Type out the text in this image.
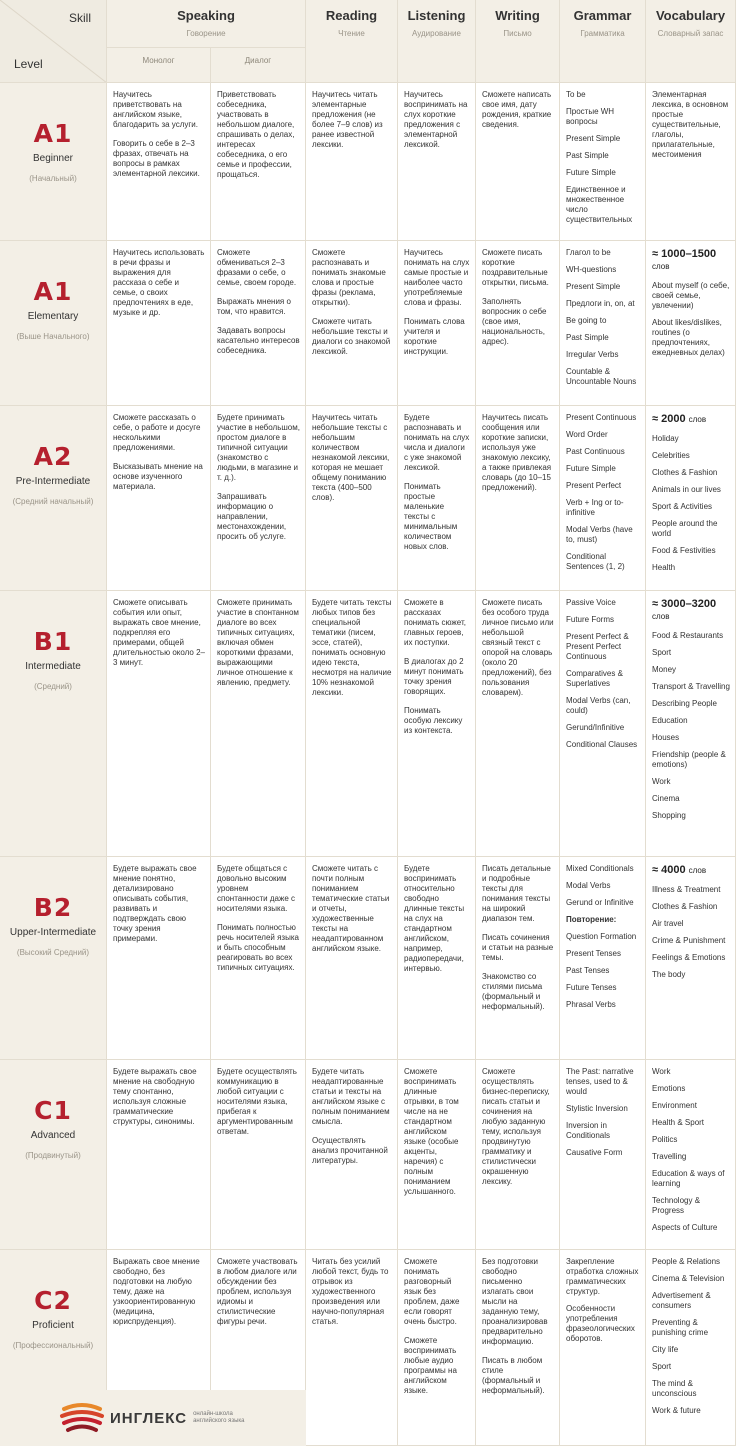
Skill
Level
Speaking
Говорение
Reading
Чтение
Listening
Аудирование
Writing
Письмо
Grammar
Грамматика
Vocabulary
Словарный запас
Монолог	Диалог
A1
Beginner
(Начальный)

Научитесь приветствовать на английском языке, благодарить за услуги.

Говорить о себе в 2–3 фразах, отвечать на вопросы в рамках элементарной лексики.

Приветствовать собеседника, участвовать в небольшом диалоге, спрашивать о делах, интересах собеседника, о его семье и профессии, прощаться.

Научитесь читать элементарные предложения (не более 7–9 слов) из ранее известной лексики.

Научитесь воспринимать на слух короткие предложения с элементарной лексикой.

Сможете написать свое имя, дату рождения, краткие сведения.

To be
Простые WH вопросы
Present Simple
Past Simple
Future Simple
Единственное и множественное число существительных
Элементарная лексика, в основном простые существительные, глаголы, прилагательные, местоимения
A1
Elementary
(Выше Начального)

Научитесь использовать в речи фразы и выражения для рассказа о себе и семье, о своих предпочтениях в еде, музыке и др.

Сможете обмениваться 2–3 фразами о себе, о семье, своем городе.

Выражать мнения о том, что нравится.

Задавать вопросы касательно интересов собеседника.

Сможете распознавать и понимать знакомые слова и простые фразы (реклама, открытки).

Сможете читать небольшие тексты и диалоги со знакомой лексикой.

Научитесь понимать на слух самые простые и наиболее часто употребляемые слова и фразы.

Понимать слова учителя и короткие инструкции.

Сможете писать короткие поздравительные открытки, письма.

Заполнять вопросник о себе (свое имя, национальность, адрес).

Глагол to be
WH-questions
Present Simple
Предлоги in, on, at
Be going to
Past Simple
Irregular Verbs
Countable & Uncountable Nouns
≈ 1000–1500 слов
About myself (о себе, своей семье, увлечении)
About likes/dislikes, routines (о предпочтениях, ежедневных делах)
A2
Pre-Intermediate
(Средний начальный)

Сможете рассказать о себе, о работе и досуге несколькими предложениями.

Высказывать мнение на основе изученного материала.

Будете принимать участие в небольшом, простом диалоге в типичной ситуации (знакомство с людьми, в магазине и т. д.).

Запрашивать информацию о направлении, местонахождении, просить об услуге.

Научитесь читать небольшие тексты с небольшим количеством незнакомой лексики, которая не мешает общему пониманию текста (400–500 слов).

Будете распознавать и понимать на слух числа и диалоги с уже знакомой лексикой.

Понимать простые маленькие тексты с минимальным количеством новых слов.

Научитесь писать сообщения или короткие записки, используя уже знакомую лексику, а также привлекая словарь (до 10–15 предложений).

Present Continuous
Word Order
Past Continuous
Future Simple
Present Perfect
Verb + Ing or to-infinitive
Modal Verbs (have to, must)
Conditional Sentences (1, 2)
≈ 2000 слов
Holiday
Celebrities
Clothes & Fashion
Animals in our lives
Sport & Activities
People around the world
Food & Festivities
Health
B1
Intermediate
(Средний)

Сможете описывать события или опыт, выражать свое мнение, подкрепляя его примерами, общей длительностью около 2–3 минут.

Сможете принимать участие в спонтанном диалоге во всех типичных ситуациях, включая обмен короткими фразами, выражающими личное отношение к явлению, предмету.

Будете читать тексты любых типов без специальной тематики (писем, эссе, статей), понимать основную идею текста, несмотря на наличие 10% незнакомой лексики.

Сможете в рассказах понимать сюжет, главных героев, их поступки.

В диалогах до 2 минут понимать точку зрения говорящих.

Понимать особую лексику из контекста.

Сможете писать без особого труда личное письмо или небольшой связный текст с опорой на словарь (около 20 предложений), без пользования словарем).

Passive Voice
Future Forms
Present Perfect & Present Perfect Continuous
Comparatives & Superlatives
Modal Verbs (can, could)
Gerund/Infinitive
Conditional Clauses
≈ 3000–3200 слов
Food & Restaurants
Sport
Money
Transport & Travelling
Describing People
Education
Houses
Friendship (people & emotions)
Work
Cinema
Shopping
B2
Upper-Intermediate
(Высокий Средний)

Будете выражать свое мнение понятно, детализировано описывать события, развивать и подтверждать свою точку зрения примерами.

Будете общаться с довольно высоким уровнем спонтанности даже с носителями языка.

Понимать полностью речь носителей языка и быть способным реагировать во всех типичных ситуациях.

Сможете читать с почти полным пониманием тематические статьи и отчеты, художественные тексты на неадаптированном английском языке.

Будете воспринимать относительно свободно длинные тексты на слух на стандартном английском, например, радиопередачи, интервью.

Писать детальные и подробные тексты для понимания тексты на широкий диапазон тем.

Писать сочинения и статьи на разные темы.

Знакомство со стилями письма (формальный и неформальный).

Mixed Conditionals
Modal Verbs
Gerund or Infinitive
Повторение:
Question Formation
Present Tenses
Past Tenses
Future Tenses
Phrasal Verbs
≈ 4000 слов
Illness & Treatment
Clothes & Fashion
Air travel
Crime & Punishment
Feelings & Emotions
The body
C1
Advanced
(Продвинутый)

Будете выражать свое мнение на свободную тему спонтанно, используя сложные грамматические структуры, синонимы.

Будете осуществлять коммуникацию в любой ситуации с носителями языка, прибегая к аргументированным ответам.

Будете читать неадаптированные статьи и тексты на английском языке с полным пониманием смысла.

Осуществлять анализ прочитанной литературы.

Сможете воспринимать длинные отрывки, в том числе на не стандартном английском языке (особые акценты, наречия) с полным пониманием услышанного.

Сможете осуществлять бизнес-переписку, писать статьи и сочинения на любую заданную тему, используя продвинутую грамматику и стилистически окрашенную лексику.

The Past: narrative tenses, used to & would
Stylistic Inversion
Inversion in Conditionals
Causative Form
Work
Emotions
Environment
Health & Sport
Politics
Travelling
Education & ways of learning
Technology & Progress
Aspects of Culture
C2
Proficient
(Профессиональный)

Выражать свое мнение свободно, без подготовки на любую тему, даже на узкоориентированную (медицина, юриспруденция).

Сможете участвовать в любом диалоге или обсуждении без проблем, используя идиомы и стилистические фигуры речи.

Читать без усилий любой текст, будь то отрывок из художественного произведения или научно-популярная статья.

Сможете понимать разговорный язык без проблем, даже если говорят очень быстро.

Сможете воспринимать любые аудио программы на английском языке.

Без подготовки свободно письменно излагать свои мысли на заданную тему, проанализировав предварительно информацию.

Писать в любом стиле (формальный и неформальный).

Закрепление отработка сложных грамматических структур.
Особенности употребления фразеологических оборотов.
People & Relations
Cinema & Television
Advertisement & consumers
Preventing & punishing crime
City life
Sport
The mind & unconscious
Work & future
ИНГЛЕКС онлайн-школа английского языка
